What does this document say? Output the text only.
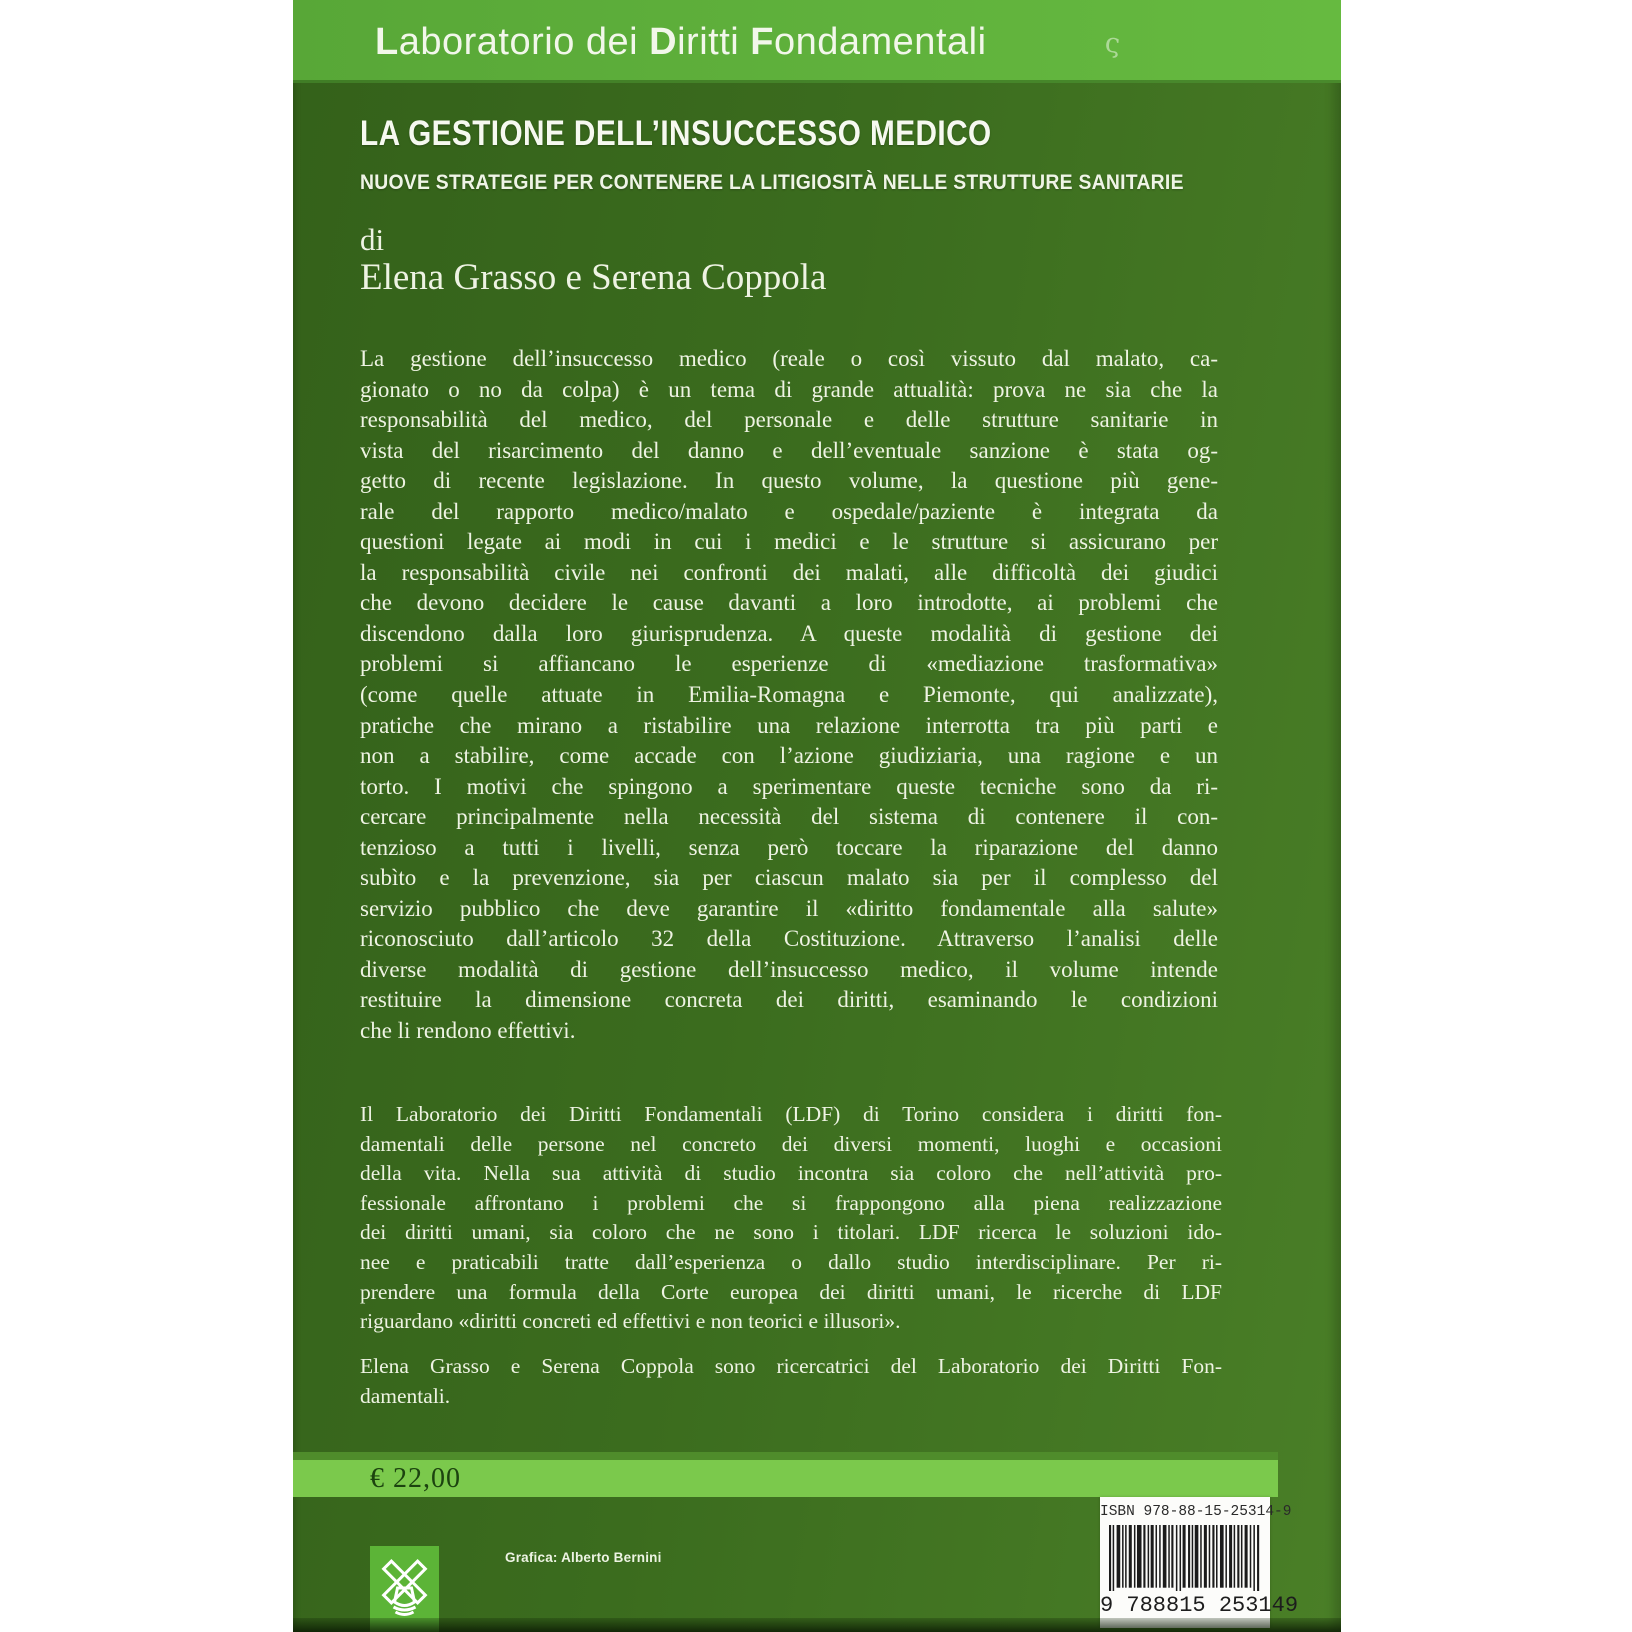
Laboratorio dei Diritti Fondamentali	ς
LA GESTIONE DELL’INSUCCESSO MEDICO
NUOVE STRATEGIE PER CONTENERE LA LITIGIOSITÀ NELLE STRUTTURE SANITARIE
di
Elena Grasso e Serena Coppola
La gestione dell’insuccesso medico (reale o così vissuto dal malato, ca-
gionato o no da colpa) è un tema di grande attualità: prova ne sia che la
responsabilità del medico, del personale e delle strutture sanitarie in
vista del risarcimento del danno e dell’eventuale sanzione è stata og-
getto di recente legislazione. In questo volume, la questione più gene-
rale del rapporto medico/malato e ospedale/paziente è integrata da
questioni legate ai modi in cui i medici e le strutture si assicurano per
la responsabilità civile nei confronti dei malati, alle difficoltà dei giudici
che devono decidere le cause davanti a loro introdotte, ai problemi che
discendono dalla loro giurisprudenza. A queste modalità di gestione dei
problemi si affiancano le esperienze di «mediazione trasformativa»
(come quelle attuate in Emilia-Romagna e Piemonte, qui analizzate),
pratiche che mirano a ristabilire una relazione interrotta tra più parti e
non a stabilire, come accade con l’azione giudiziaria, una ragione e un
torto. I motivi che spingono a sperimentare queste tecniche sono da ri-
cercare principalmente nella necessità del sistema di contenere il con-
tenzioso a tutti i livelli, senza però toccare la riparazione del danno
subìto e la prevenzione, sia per ciascun malato sia per il complesso del
servizio pubblico che deve garantire il «diritto fondamentale alla salute»
riconosciuto dall’articolo 32 della Costituzione. Attraverso l’analisi delle
diverse modalità di gestione dell’insuccesso medico, il volume intende
restituire la dimensione concreta dei diritti, esaminando le condizioni
che li rendono effettivi.
Il Laboratorio dei Diritti Fondamentali (LDF) di Torino considera i diritti fon-
damentali delle persone nel concreto dei diversi momenti, luoghi e occasioni
della vita. Nella sua attività di studio incontra sia coloro che nell’attività pro-
fessionale affrontano i problemi che si frappongono alla piena realizzazione
dei diritti umani, sia coloro che ne sono i titolari. LDF ricerca le soluzioni ido-
nee e praticabili tratte dall’esperienza o dallo studio interdisciplinare. Per ri-
prendere una formula della Corte europea dei diritti umani, le ricerche di LDF
riguardano «diritti concreti ed effettivi e non teorici e illusori».
Elena Grasso e Serena Coppola sono ricercatrici del Laboratorio dei Diritti Fon-
damentali.
€ 22,00
Grafica: Alberto Bernini
ISBN 978-88-15-25314-9
9 788815 253149
